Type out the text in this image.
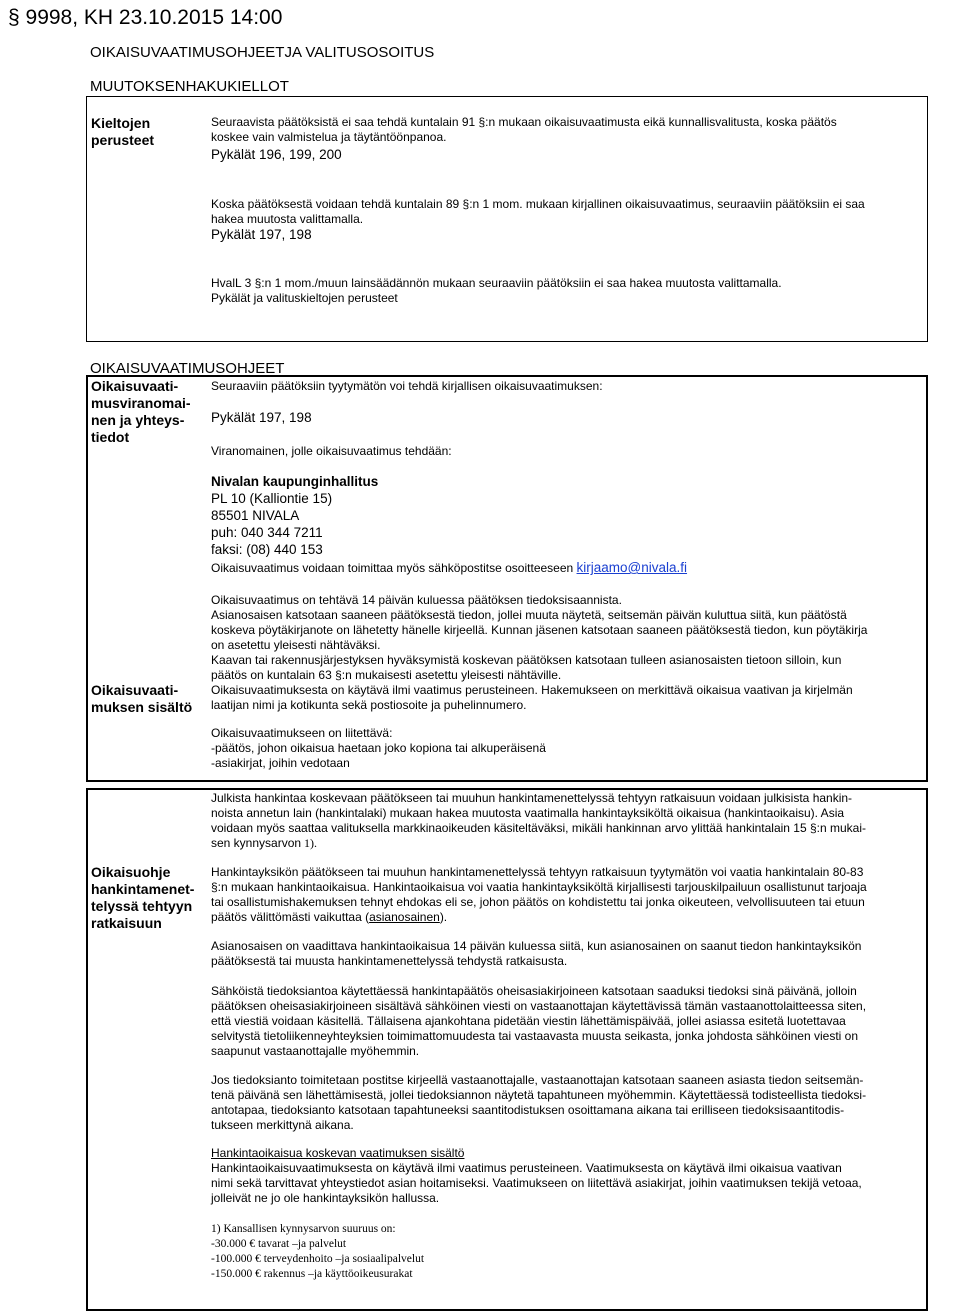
§ 9998, KH 23.10.2015 14:00
OIKAISUVAATIMUSOHJEETJA VALITUSOSOITUS
MUUTOKSENHAKUKIELLOT

Kieltojen

perusteet

Seuraavista päätöksistä ei saa tehdä kuntalain 91 §:n mukaan oikaisuvaatimusta eikä kunnallisvalitusta, koska päätös

koskee vain valmistelua ja täytäntöönpanoa.

Pykälät 196, 199, 200

Koska päätöksestä voidaan tehdä kuntalain 89 §:n 1 mom. mukaan kirjallinen oikaisuvaatimus, seuraaviin päätöksiin ei saa

hakea muutosta valittamalla.

Pykälät 197, 198
HvalL 3 §:n 1 mom./muun lainsäädännön mukaan seuraaviin päätöksiin ei saa hakea muutosta valittamalla.
Pykälät ja valituskieltojen perusteet
OIKAISUVAATIMUSOHJEET

Oikaisuvaati-

musviranomai-

nen ja yhteys-

tiedot

Seuraaviin päätöksiin tyytymätön voi tehdä kirjallisen oikaisuvaatimuksen:
Pykälät 197, 198
Viranomainen, jolle oikaisuvaatimus tehdään:
Nivalan kaupunginhallitus
PL 10 (Kalliontie 15)
85501 NIVALA
puh: 040 344 7211
faksi: (08) 440 153
Oikaisuvaatimus voidaan toimittaa myös sähköpostitse osoitteeseen kirjaamo@nivala.fi

Oikaisuvaatimus on tehtävä 14 päivän kuluessa päätöksen tiedoksisaannista.

Asianosaisen katsotaan saaneen päätöksestä tiedon, jollei muuta näytetä, seitsemän päivän kuluttua siitä, kun päätöstä

koskeva pöytäkirjanote on lähetetty hänelle kirjeellä. Kunnan jäsenen katsotaan saaneen päätöksestä tiedon, kun pöytäkirja

on asetettu yleisesti nähtäväksi.

Kaavan tai rakennusjärjestyksen hyväksymistä koskevan päätöksen katsotaan tulleen asianosaisten tietoon silloin, kun

päätös on kuntalain 63 §:n mukaisesti asetettu yleisesti nähtäville.

Oikaisuvaatimuksesta on käytävä ilmi vaatimus perusteineen. Hakemukseen on merkittävä oikaisua vaativan ja kirjelmän

laatijan nimi ja kotikunta sekä postiosoite ja puhelinnumero.

Oikaisuvaati-

muksen sisältö

Oikaisuvaatimukseen on liitettävä:

-päätös, johon oikaisua haetaan joko kopiona tai alkuperäisenä

-asiakirjat, joihin vedotaan

Oikaisuohje

hankintamenet-

telyssä tehtyyn

ratkaisuun

Julkista hankintaa koskevaan päätökseen tai muuhun hankintamenettelyssä tehtyyn ratkaisuun voidaan julkisista hankin-

noista annetun lain (hankintalaki) mukaan hakea muutosta vaatimalla hankintayksiköltä oikaisua (hankintaoikaisu). Asia

voidaan myös saattaa valituksella markkinaoikeuden käsiteltäväksi, mikäli hankinnan arvo ylittää hankintalain 15 §:n mukai-

sen kynnysarvon 1).

Hankintayksikön päätökseen tai muuhun hankintamenettelyssä tehtyyn ratkaisuun tyytymätön voi vaatia hankintalain 80-83

§:n mukaan hankintaoikaisua. Hankintaoikaisua voi vaatia hankintayksiköltä kirjallisesti tarjouskilpailuun osallistunut tarjoaja

tai osallistumishakemuksen tehnyt ehdokas eli se, johon päätös on kohdistettu tai jonka oikeuteen, velvollisuuteen tai etuun

päätös välittömästi vaikuttaa (asianosainen).

Asianosaisen on vaadittava hankintaoikaisua 14 päivän kuluessa siitä, kun asianosainen on saanut tiedon hankintayksikön

päätöksestä tai muusta hankintamenettelyssä tehdystä ratkaisusta.

Sähköistä tiedoksiantoa käytettäessä hankintapäätös oheisasiakirjoineen katsotaan saaduksi tiedoksi sinä päivänä, jolloin

päätöksen oheisasiakirjoineen sisältävä sähköinen viesti on vastaanottajan käytettävissä tämän vastaanottolaitteessa siten,

että viestiä voidaan käsitellä. Tällaisena ajankohtana pidetään viestin lähettämispäivää, jollei asiassa esitetä luotettavaa

selvitystä tietoliikenneyhteyksien toimimattomuudesta tai vastaavasta muusta seikasta, jonka johdosta sähköinen viesti on

saapunut vastaanottajalle myöhemmin.

Jos tiedoksianto toimitetaan postitse kirjeellä vastaanottajalle, vastaanottajan katsotaan saaneen asiasta tiedon seitsemän-

tenä päivänä sen lähettämisestä, jollei tiedoksiannon näytetä tapahtuneen myöhemmin. Käytettäessä todisteellista tiedoksi-

antotapaa, tiedoksianto katsotaan tapahtuneeksi saantitodistuksen osoittamana aikana tai erilliseen tiedoksisaantitodis-

tukseen merkittynä aikana.

Hankintaoikaisua koskevan vaatimuksen sisältö

Hankintaoikaisuvaatimuksesta on käytävä ilmi vaatimus perusteineen. Vaatimuksesta on käytävä ilmi oikaisua vaativan

nimi sekä tarvittavat yhteystiedot asian hoitamiseksi. Vaatimukseen on liitettävä asiakirjat, joihin vaatimuksen tekijä vetoaa,

jolleivät ne jo ole hankintayksikön hallussa.

1) Kansallisen kynnysarvon suuruus on:

-30.000 € tavarat –ja palvelut

-100.000 € terveydenhoito –ja sosiaalipalvelut

-150.000 € rakennus –ja käyttöoikeusurakat
